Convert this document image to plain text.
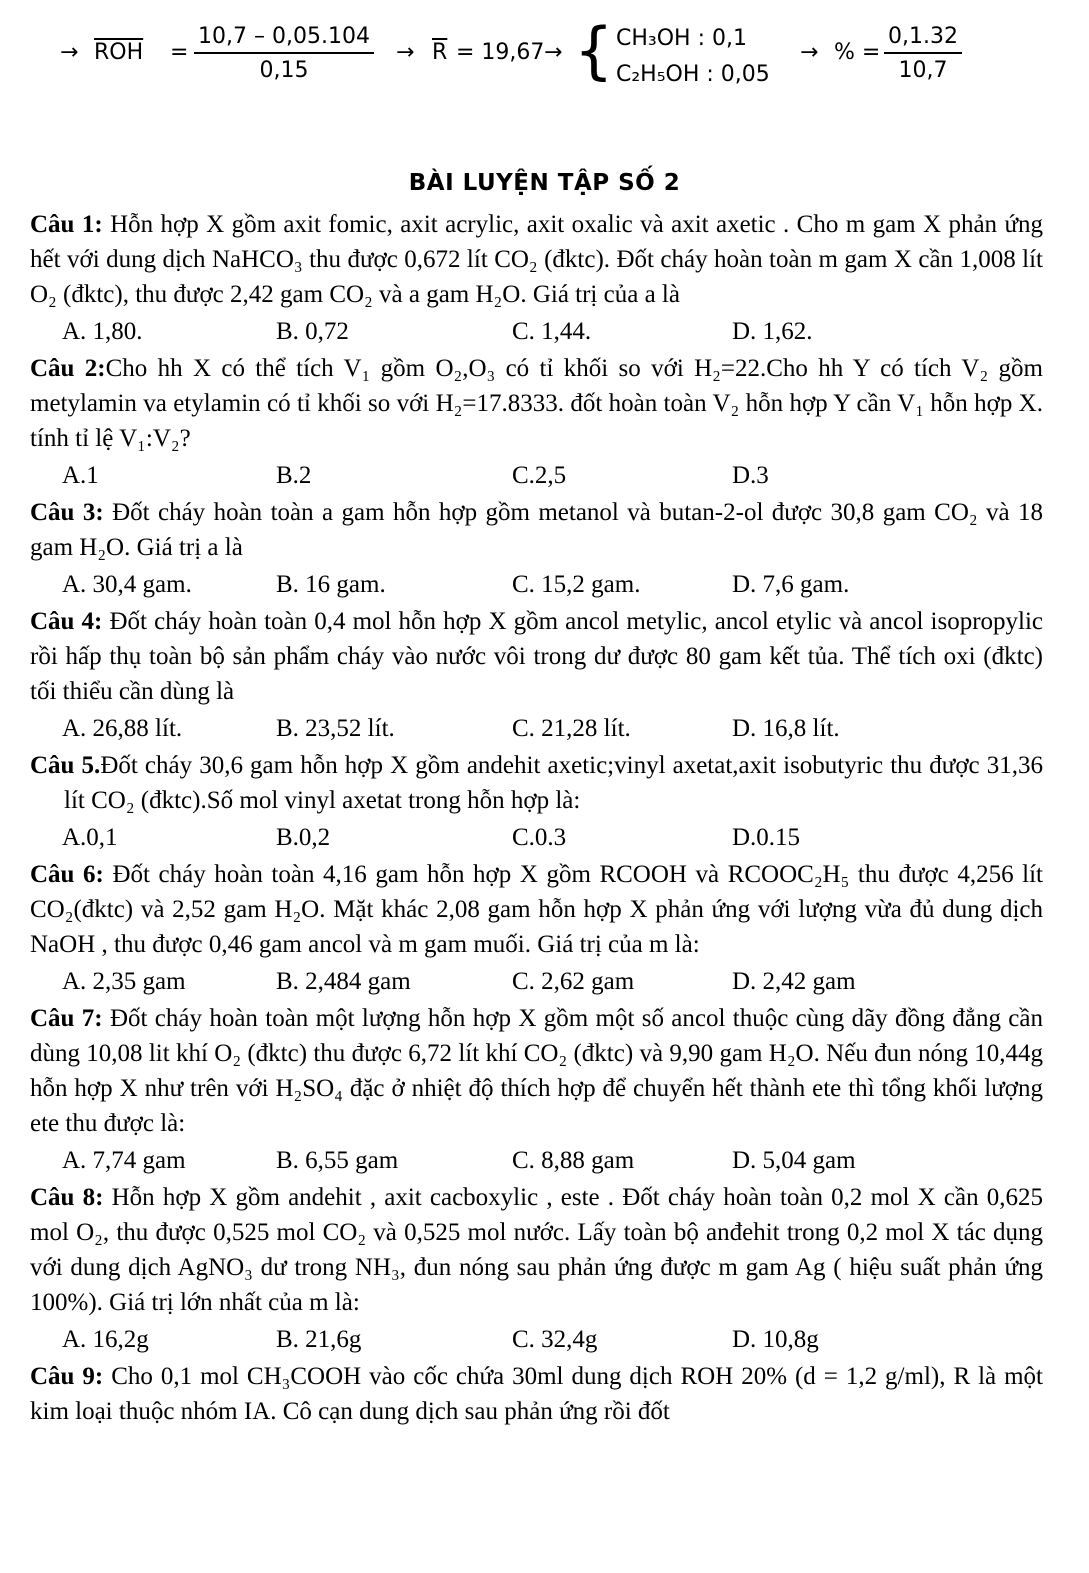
→ $\overline{ROH} = \frac{10,7 - 0,05.104}{0,15} \to \overline{R} = 19,67$ → { CH₃OH : 0,1
C₂H₅OH : 0,05
→ % = $\frac{0,1.32}{10,7}$
BÀI LUYỆN TẬP SỐ 2

Câu 1: Hỗn hợp X gồm axit fomic, axit acrylic, axit oxalic và axit axetic . Cho m gam X phản ứng hết với dung dịch NaHCO₃ thu được 0,672 lít CO₂ (đktc). Đốt cháy hoàn toàn m gam X cần 1,008 lít O₂ (đktc), thu được 2,42 gam CO₂ và a gam H₂O. Giá trị của a là

A. 1,80.	B. 0,72	C. 1,44.	D. 1,62.

Câu 2:Cho hh X có thể tích V₁ gồm O₂,O₃ có tỉ khối so với H₂=22.Cho hh Y có tích V₂ gồm metylamin va etylamin có tỉ khối so với H₂=17.8333. đốt hoàn toàn V₂ hỗn hợp Y cần V₁ hỗn hợp X. tính tỉ lệ V₁:V₂?

A.1	B.2	C.2,5	D.3

Câu 3: Đốt cháy hoàn toàn a gam hỗn hợp gồm metanol và butan-2-ol được 30,8 gam CO₂ và 18 gam H₂O. Giá trị a là

A. 30,4 gam.	B. 16 gam.	C. 15,2 gam.	D. 7,6 gam.

Câu 4: Đốt cháy hoàn toàn 0,4 mol hỗn hợp X gồm ancol metylic, ancol etylic và ancol isopropylic rồi hấp thụ toàn bộ sản phẩm cháy vào nước vôi trong dư được 80 gam kết tủa. Thể tích oxi (đktc) tối thiểu cần dùng là

A. 26,88 lít.	B. 23,52 lít.	C. 21,28 lít.	D. 16,8 lít.

Câu 5.Đốt cháy 30,6 gam hỗn hợp X gồm andehit axetic;vinyl axetat,axit isobutyric thu được 31,36 lít CO₂ (đktc).Số mol vinyl axetat trong hỗn hợp là:

A.0,1	B.0,2	C.0.3	D.0.15

Câu 6: Đốt cháy hoàn toàn 4,16 gam hỗn hợp X gồm RCOOH và RCOOC₂H₅ thu được 4,256 lít CO₂(đktc) và 2,52 gam H₂O. Mặt khác 2,08 gam hỗn hợp X phản ứng với lượng vừa đủ dung dịch NaOH , thu được 0,46 gam ancol và m gam muối. Giá trị của m là:

A. 2,35 gam	B. 2,484 gam	C. 2,62 gam	D. 2,42 gam

Câu 7: Đốt cháy hoàn toàn một lượng hỗn hợp X gồm một số ancol thuộc cùng dãy đồng đẳng cần dùng 10,08 lit khí O₂ (đktc) thu được 6,72 lít khí CO₂ (đktc) và 9,90 gam H₂O. Nếu đun nóng 10,44g hỗn hợp X như trên với H₂SO₄ đặc ở nhiệt độ thích hợp để chuyển hết thành ete thì tổng khối lượng ete thu được là:

A. 7,74 gam	B. 6,55 gam	C. 8,88 gam	D. 5,04 gam

Câu 8: Hỗn hợp X gồm andehit , axit cacboxylic , este . Đốt cháy hoàn toàn 0,2 mol X cần 0,625 mol O₂, thu được 0,525 mol CO₂ và 0,525 mol nước. Lấy toàn bộ anđehit trong 0,2 mol X tác dụng với dung dịch AgNO₃ dư trong NH₃, đun nóng sau phản ứng được m gam Ag ( hiệu suất phản ứng 100%). Giá trị lớn nhất của m là:

A. 16,2g	B. 21,6g	C. 32,4g	D. 10,8g

Câu 9: Cho 0,1 mol CH₃COOH vào cốc chứa 30ml dung dịch ROH 20% (d = 1,2 g/ml), R là một kim loại thuộc nhóm IA. Cô cạn dung dịch sau phản ứng rồi đốt
